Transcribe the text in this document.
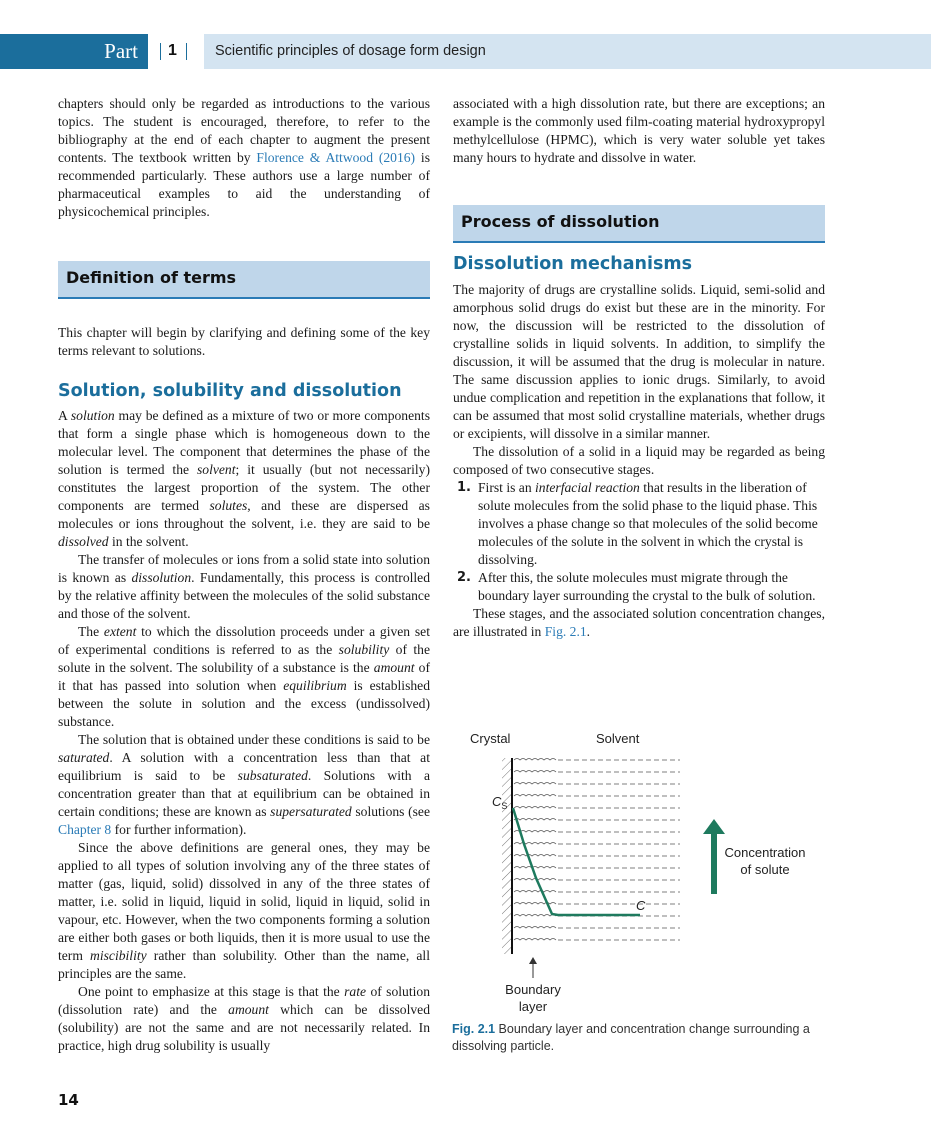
Part 1	Scientific principles of dosage form design

chapters should only be regarded as introductions to the various topics. The student is encouraged, therefore, to refer to the bibliography at the end of each chapter to augment the present contents. The textbook written by Florence & Attwood (2016) is recommended particularly. These authors use a large number of pharmaceutical examples to aid the understanding of physicochemical principles.

Definition of terms

This chapter will begin by clarifying and defining some of the key terms relevant to solutions.

Solution, solubility and dissolution

A solution may be defined as a mixture of two or more components that form a single phase which is homogeneous down to the molecular level. The component that determines the phase of the solution is termed the solvent; it usually (but not necessarily) constitutes the largest proportion of the system. The other components are termed solutes, and these are dispersed as molecules or ions throughout the solvent, i.e. they are said to be dissolved in the solvent.

The transfer of molecules or ions from a solid state into solution is known as dissolution. Fundamentally, this process is controlled by the relative affinity between the molecules of the solid substance and those of the solvent.

The extent to which the dissolution proceeds under a given set of experimental conditions is referred to as the solubility of the solute in the solvent. The solubility of a substance is the amount of it that has passed into solution when equilibrium is established between the solute in solution and the excess (undissolved) substance.

The solution that is obtained under these conditions is said to be saturated. A solution with a concentration less than that at equilibrium is said to be subsaturated. Solutions with a concentration greater than that at equilibrium can be obtained in certain conditions; these are known as supersaturated solutions (see Chapter 8 for further information).

Since the above definitions are general ones, they may be applied to all types of solution involving any of the three states of matter (gas, liquid, solid) dissolved in any of the three states of matter, i.e. solid in liquid, liquid in solid, liquid in liquid, solid in vapour, etc. However, when the two components forming a solution are either both gases or both liquids, then it is more usual to use the term miscibility rather than solubility. Other than the name, all principles are the same.

One point to emphasize at this stage is that the rate of solution (dissolution rate) and the amount which can be dissolved (solubility) are not the same and are not necessarily related. In practice, high drug solubility is usually

associated with a high dissolution rate, but there are exceptions; an example is the commonly used film-coating material hydroxypropyl methylcellulose (HPMC), which is very water soluble yet takes many hours to hydrate and dissolve in water.

Process of dissolution
Dissolution mechanisms

The majority of drugs are crystalline solids. Liquid, semi-solid and amorphous solid drugs do exist but these are in the minority. For now, the discussion will be restricted to the dissolution of crystalline solids in liquid solvents. In addition, to simplify the discussion, it will be assumed that the drug is molecular in nature. The same discussion applies to ionic drugs. Similarly, to avoid undue complication and repetition in the explanations that follow, it can be assumed that most solid crystalline materials, whether drugs or excipients, will dissolve in a similar manner.

The dissolution of a solid in a liquid may be regarded as being composed of two consecutive stages.

1. First is an interfacial reaction that results in the liberation of solute molecules from the solid phase to the liquid phase. This involves a phase change so that molecules of the solid become molecules of the solute in the solvent in which the crystal is dissolving.
2. After this, the solute molecules must migrate through the boundary layer surrounding the crystal to the bulk of solution.

These stages, and the associated solution concentration changes, are illustrated in Fig. 2.1.

Crystal	Solvent
$C_S$
C
Concentration
of solute
Boundary
layer
Fig. 2.1 Boundary layer and concentration change surrounding a dissolving particle.
14
